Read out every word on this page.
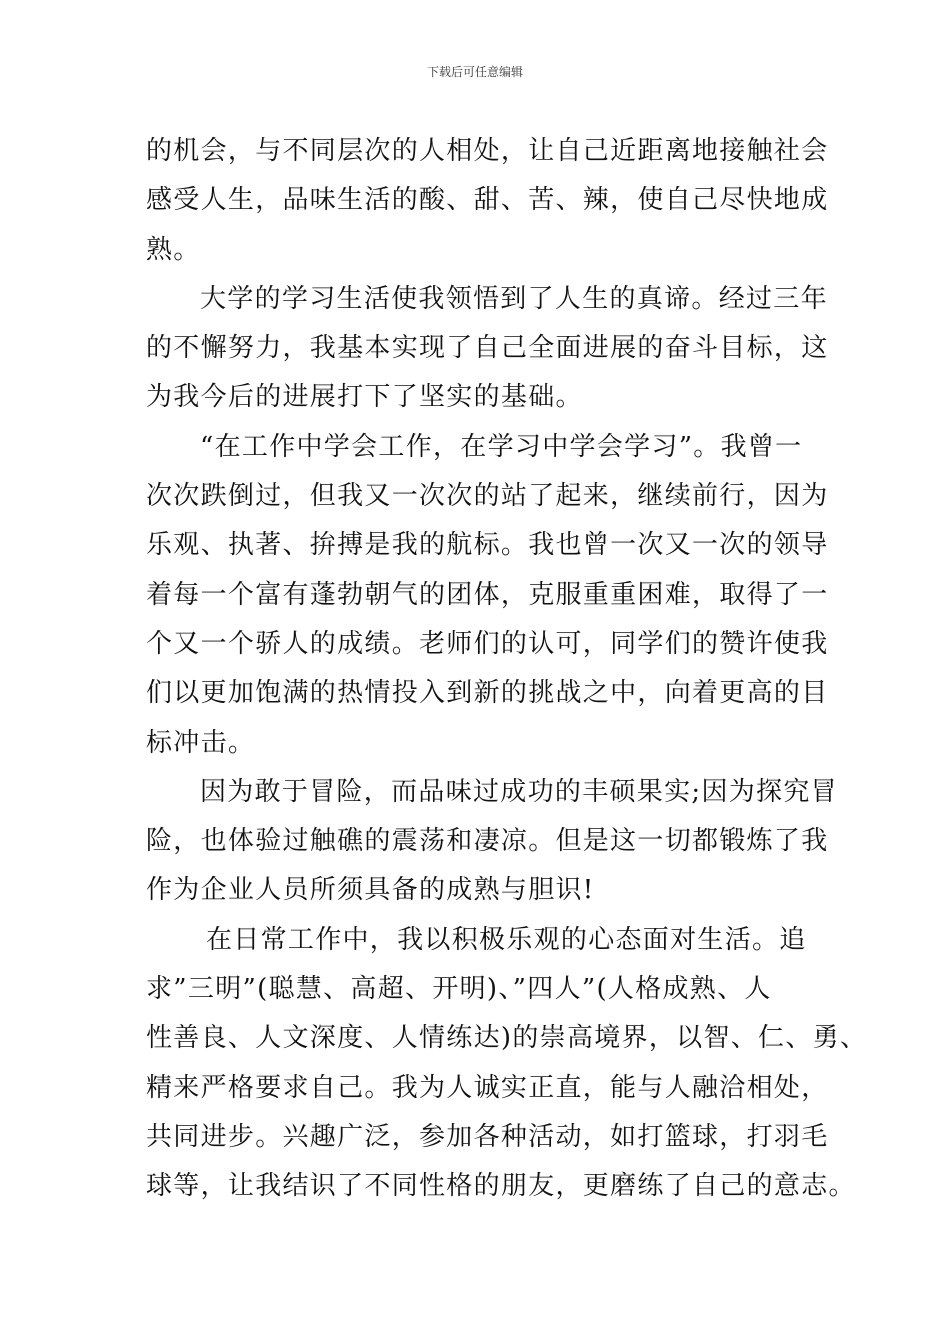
下载后可任意编辑
的机会，与不同层次的人相处，让自己近距离地接触社会
感受人生，品味生活的酸、甜、苦、辣，使自己尽快地成
熟。
大学的学习生活使我领悟到了人生的真谛。经过三年
的不懈努力，我基本实现了自己全面进展的奋斗目标，这
为我今后的进展打下了坚实的基础。
“在工作中学会工作，在学习中学会学习”。我曾一
次次跌倒过，但我又一次次的站了起来，继续前行，因为
乐观、执著、拚搏是我的航标。我也曾一次又一次的领导
着每一个富有蓬勃朝气的团体，克服重重困难，取得了一
个又一个骄人的成绩。老师们的认可，同学们的赞许使我
们以更加饱满的热情投入到新的挑战之中，向着更高的目
标冲击。
因为敢于冒险，而品味过成功的丰硕果实;因为探究冒
险，也体验过触礁的震荡和凄凉。但是这一切都锻炼了我
作为企业人员所须具备的成熟与胆识!
在日常工作中，我以积极乐观的心态面对生活。追
求”三明”(聪慧、高超、开明)、”四人”(人格成熟、人
性善良、人文深度、人情练达)的崇高境界，以智、仁、勇、
精来严格要求自己。我为人诚实正直，能与人融洽相处，
共同进步。兴趣广泛，参加各种活动，如打篮球，打羽毛
球等，让我结识了不同性格的朋友，更磨练了自己的意志。
